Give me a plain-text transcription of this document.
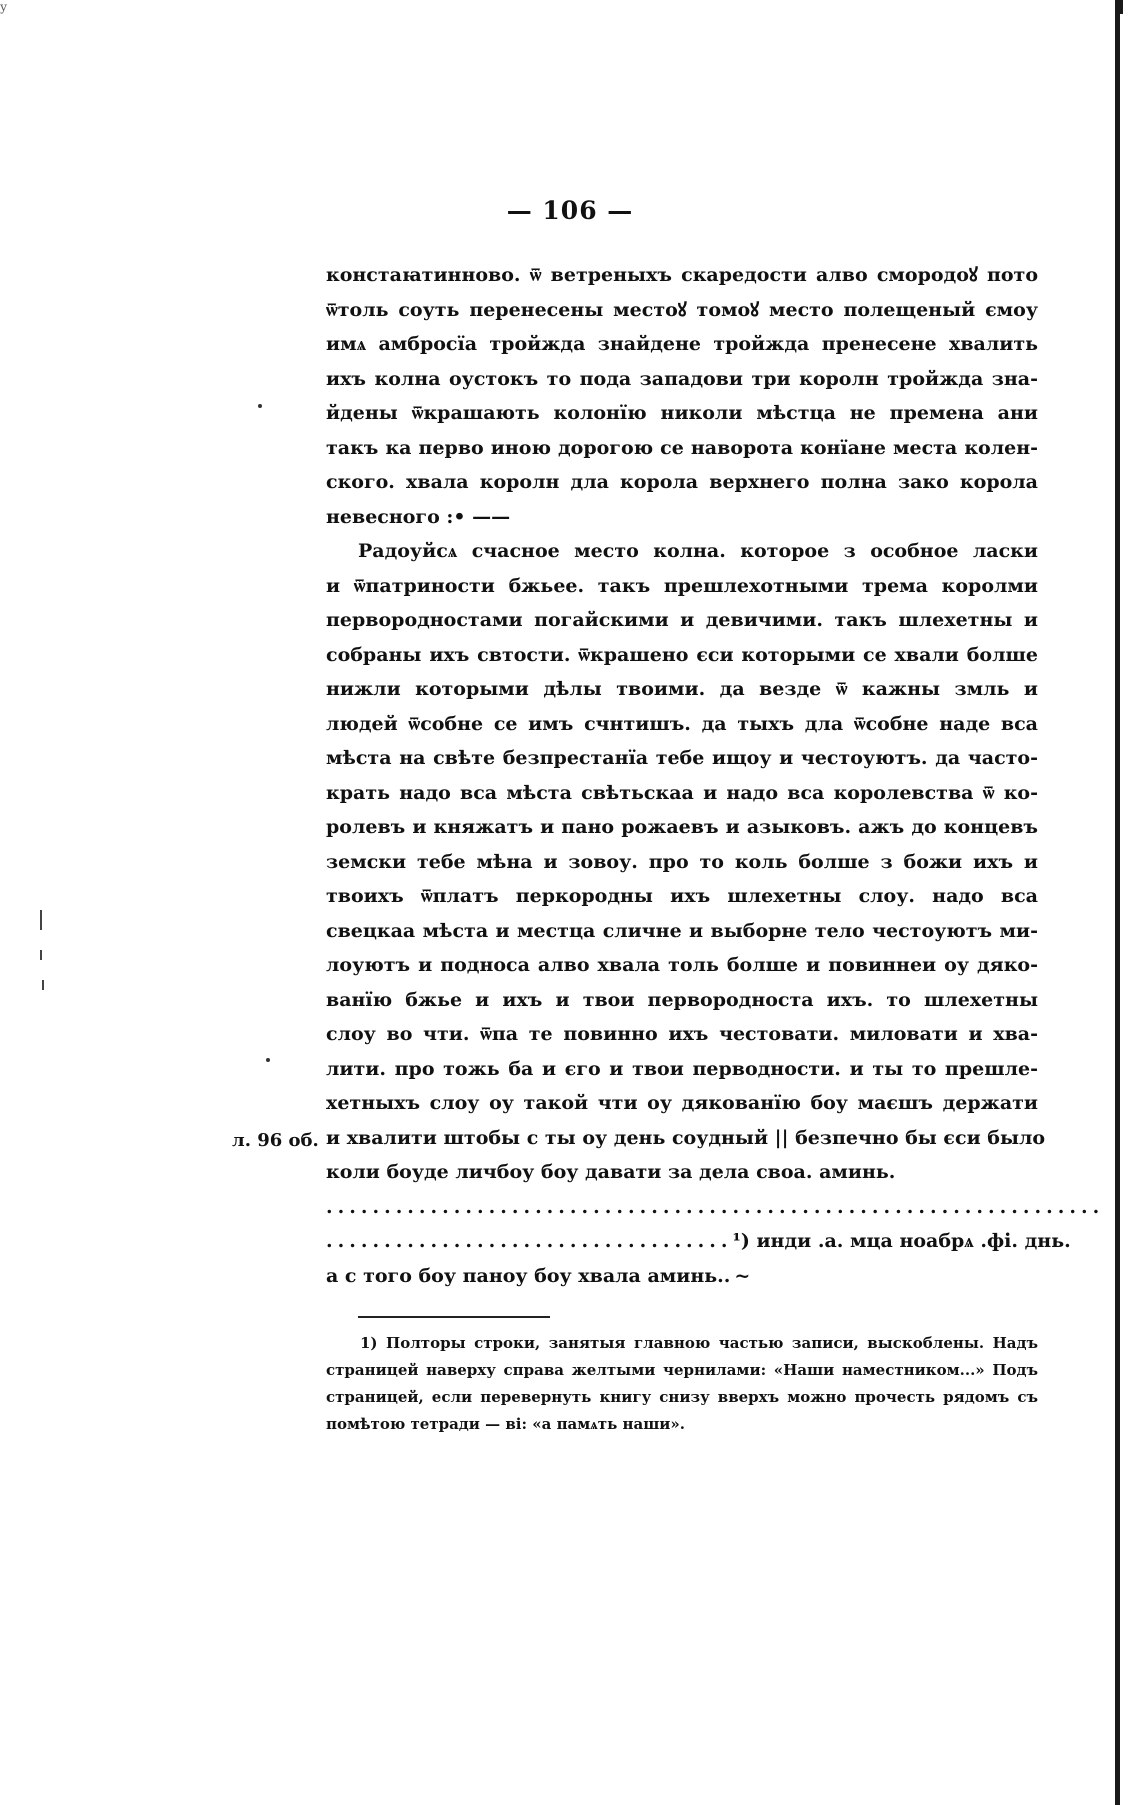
у
— 106 —
констаꙗтинново. ѿ ветреныхъ скаредости алво смородоꙋ пото
ѿтоль соуть перенесены местоꙋ томоꙋ место полещеный ємоу
имѧ амбросїа тройжда знайдене тройжда пренесене хвалить
ихъ колна оустокъ то пода западови три королн тройжда зна-
йдены ѿкрашають колонїю николи мѣстца не премена ани
такъ ка перво иною дорогою се наворота конїане места колен-
ского. хвала королн дла корола верхнего полна зако корола
невесного :• ——
Радоуйсѧ счасное место колна. которое з особное ласки
и ѿпатриности бжьее. такъ прешлехотными трема королми
первородностами погайскими и девичими. такъ шлехетны и
собраны ихъ свтости. ѿкрашено єси которыми се хвали болше
нижли которыми дѣлы твоими. да везде ѿ кажны змль и
людей ѿсобне се имъ счнтишъ. да тыхъ дла ѿсобне наде вса
мѣста на свѣте безпрестанїа тебе ищоу и честоуютъ. да часто-
крать надо вса мѣста свѣтьскаа и надо вса королевства ѿ ко-
ролевъ и княжатъ и пано рожаевъ и азыковъ. ажъ до концевъ
земски тебе мѣна и зовоу. про то коль болше з божи ихъ и
твоихъ ѿплатъ перкородны ихъ шлехетны слоу. надо вса
свецкаа мѣстa и местца сличне и выборне тело честоуютъ ми-
лоуютъ и подноса алво хвала толь болше и повиннеи оу дяко-
ванїю бжье и ихъ и твои первородноста ихъ. то шлехетны
слоу во чти. ѿпа те повинно ихъ честовати. миловати и хва-
лити. про тожь ба и єго и твои перводности. и ты то прешле-
хетныхъ слоу оу такой чти оу дякованїю боу маєшъ держати
и хвалити штобы с ты оу день соудный || безпечно бы єси было
коли боуде личбоу боу давати за дела своа. аминь.
...................................................................
...................................¹) инди .а. мца ноабрѧ .фі. днь.
а с того боу паноу боу хвала аминь.. ~
л. 96 об.
1) Полторы строки, занятыя главною частью записи, выскоблены. Надъ
страницей наверху справа желтыми чернилами: «Наши наместником...» Подъ
страницей, если перевернуть книгу снизу вверхъ можно прочесть рядомъ съ
помѣтою тетради — ві: «а памѧть наши».
